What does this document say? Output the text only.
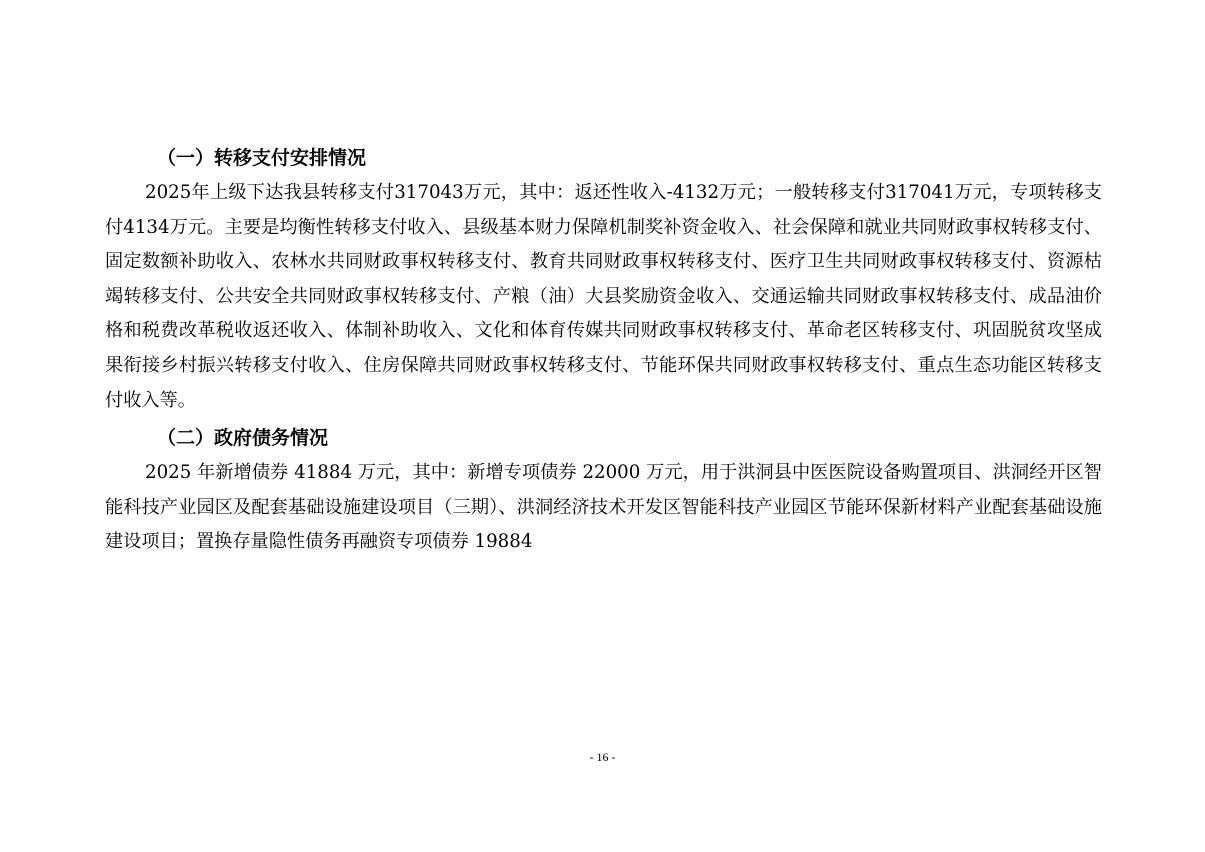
（一）转移支付安排情况

2025年上级下达我县转移支付317043万元，其中：返还性收入-4132万元；一般转移支付317041万元，专项转移支付4134万元。主要是均衡性转移支付收入、县级基本财力保障机制奖补资金收入、社会保障和就业共同财政事权转移支付、固定数额补助收入、农林水共同财政事权转移支付、教育共同财政事权转移支付、医疗卫生共同财政事权转移支付、资源枯竭转移支付、公共安全共同财政事权转移支付、产粮（油）大县奖励资金收入、交通运输共同财政事权转移支付、成品油价格和税费改革税收返还收入、体制补助收入、文化和体育传媒共同财政事权转移支付、革命老区转移支付、巩固脱贫攻坚成果衔接乡村振兴转移支付收入、住房保障共同财政事权转移支付、节能环保共同财政事权转移支付、重点生态功能区转移支付收入等。

（二）政府债务情况

2025 年新增债券 41884 万元，其中：新增专项债券 22000 万元，用于洪洞县中医医院设备购置项目、洪洞经开区智能科技产业园区及配套基础设施建设项目（三期）、洪洞经济技术开发区智能科技产业园区节能环保新材料产业配套基础设施建设项目；置换存量隐性债务再融资专项债券 19884

- 16 -
